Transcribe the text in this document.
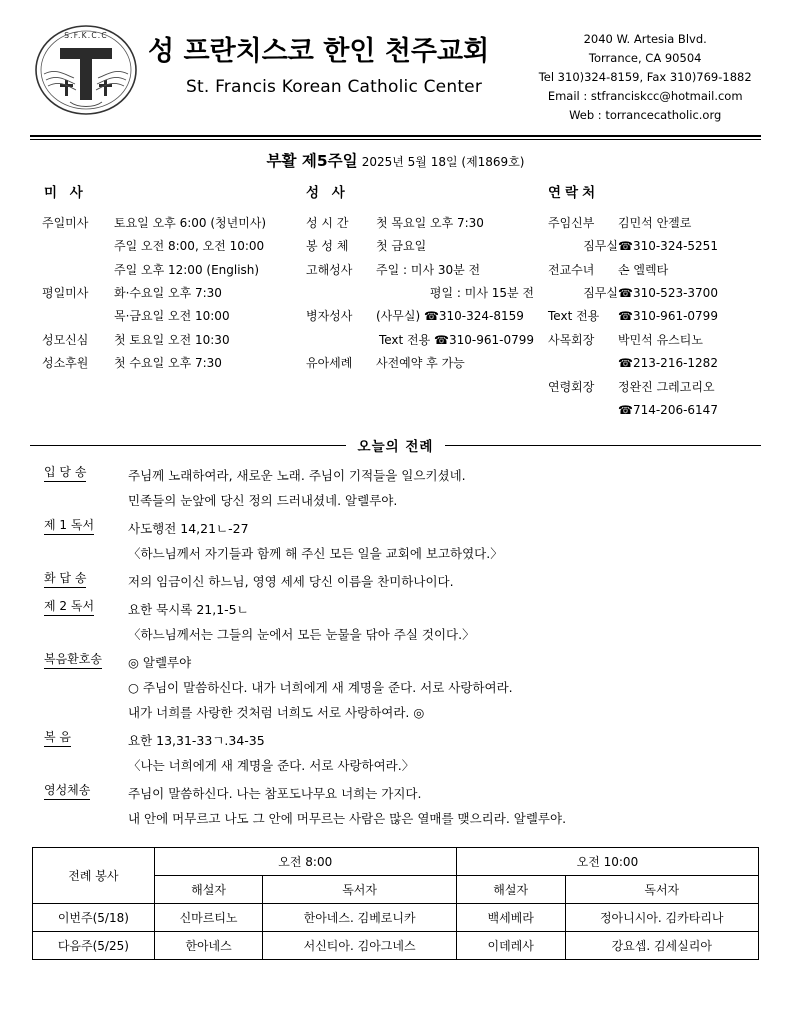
S.F.K.C.C
성 프란치스코 한인 천주교회
St. Francis Korean Catholic Center
2040 W. Artesia Blvd.
Torrance, CA 90504
Tel 310)324-8159, Fax 310)769-1882
Email : stfranciskcc@hotmail.com
Web : torrancecatholic.org
부활 제5주일 2025년 5월 18일 (제1869호)
미 사
주일미사	토요일 오후 6:00 (청년미사)
주일 오전 8:00, 오전 10:00
주일 오후 12:00 (English)
평일미사	화·수요일 오후 7:30
목·금요일 오전 10:00
성모신심	첫 토요일 오전 10:30
성소후원	첫 수요일 오후 7:30
성 사
성 시 간	첫 목요일 오후 7:30
봉 성 체	첫 금요일
고해성사	주일 : 미사 30분 전
평일 : 미사 15분 전
병자성사	(사무실) ☎310-324-8159
Text 전용 ☎310-961-0799
유아세례	사전예약 후 가능
연락처
주임신부	김민석 안젤로
짐무실 ☎310-324-5251
전교수녀	손 엘렉타
짐무실 ☎310-523-3700
Text 전용	☎310-961-0799
사목회장	박민석 유스티노
☎213-216-1282
연령회장	정완진 그레고리오
☎714-206-6147
오늘의 전례
입 당 송	주님께 노래하여라, 새로운 노래. 주님이 기적들을 일으키셨네.
민족들의 눈앞에 당신 정의 드러내셨네. 알렐루야.
제 1 독서	사도행전 14,21ㄴ-27
〈하느님께서 자기들과 함께 해 주신 모든 일을 교회에 보고하였다.〉
화 답 송	저의 임금이신 하느님, 영영 세세 당신 이름을 찬미하나이다.
제 2 독서	요한 묵시록 21,1-5ㄴ
〈하느님께서는 그들의 눈에서 모든 눈물을 닦아 주실 것이다.〉
복음환호송	◎ 알렐루야
○ 주님이 말씀하신다. 내가 너희에게 새 계명을 준다. 서로 사랑하여라.
내가 너희를 사랑한 것처럼 너희도 서로 사랑하여라. ◎
복 음	요한 13,31-33ㄱ.34-35
〈나는 너희에게 새 계명을 준다. 서로 사랑하여라.〉
영성체송	주님이 말씀하신다. 나는 참포도나무요 너희는 가지다.
내 안에 머무르고 나도 그 안에 머무르는 사람은 많은 열매를 맺으리라. 알렐루야.
전례 봉사	오전 8:00		오전 10:00	
	해설자	독서자	해설자	독서자
이번주(5/18)	신마르티노	한아네스. 김베로니카	백세베라	정아니시아. 김카타리나
다음주(5/25)	한아네스	서신티아. 김아그네스	이데레사	강요셉. 김세실리아
